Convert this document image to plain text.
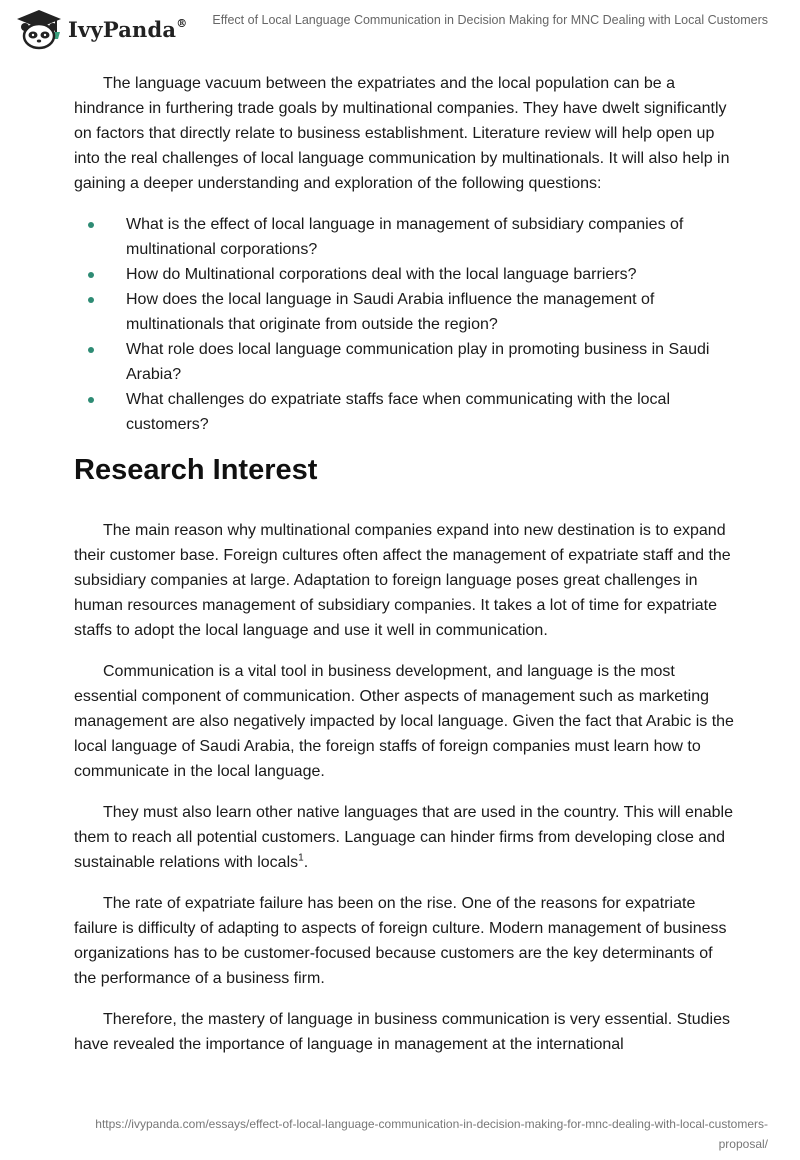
IvyPanda® Effect of Local Language Communication in Decision Making for MNC Dealing with Local Customers

The language vacuum between the expatriates and the local population can be a hindrance in furthering trade goals by multinational companies. They have dwelt significantly on factors that directly relate to business establishment. Literature review will help open up into the real challenges of local language communication by multinationals. It will also help in gaining a deeper understanding and exploration of the following questions:

What is the effect of local language in management of subsidiary companies of multinational corporations?
How do Multinational corporations deal with the local language barriers?
How does the local language in Saudi Arabia influence the management of multinationals that originate from outside the region?
What role does local language communication play in promoting business in Saudi Arabia?
What challenges do expatriate staffs face when communicating with the local customers?
Research Interest

The main reason why multinational companies expand into new destination is to expand their customer base. Foreign cultures often affect the management of expatriate staff and the subsidiary companies at large. Adaptation to foreign language poses great challenges in human resources management of subsidiary companies. It takes a lot of time for expatriate staffs to adopt the local language and use it well in communication.

Communication is a vital tool in business development, and language is the most essential component of communication. Other aspects of management such as marketing management are also negatively impacted by local language. Given the fact that Arabic is the local language of Saudi Arabia, the foreign staffs of foreign companies must learn how to communicate in the local language.

They must also learn other native languages that are used in the country. This will enable them to reach all potential customers. Language can hinder firms from developing close and sustainable relations with locals$^1$.

The rate of expatriate failure has been on the rise. One of the reasons for expatriate failure is difficulty of adapting to aspects of foreign culture. Modern management of business organizations has to be customer-focused because customers are the key determinants of the performance of a business firm.

Therefore, the mastery of language in business communication is very essential. Studies have revealed the importance of language in management at the international

https://ivypanda.com/essays/effect-of-local-language-communication-in-decision-making-for-mnc-dealing-with-local-customers-proposal/
